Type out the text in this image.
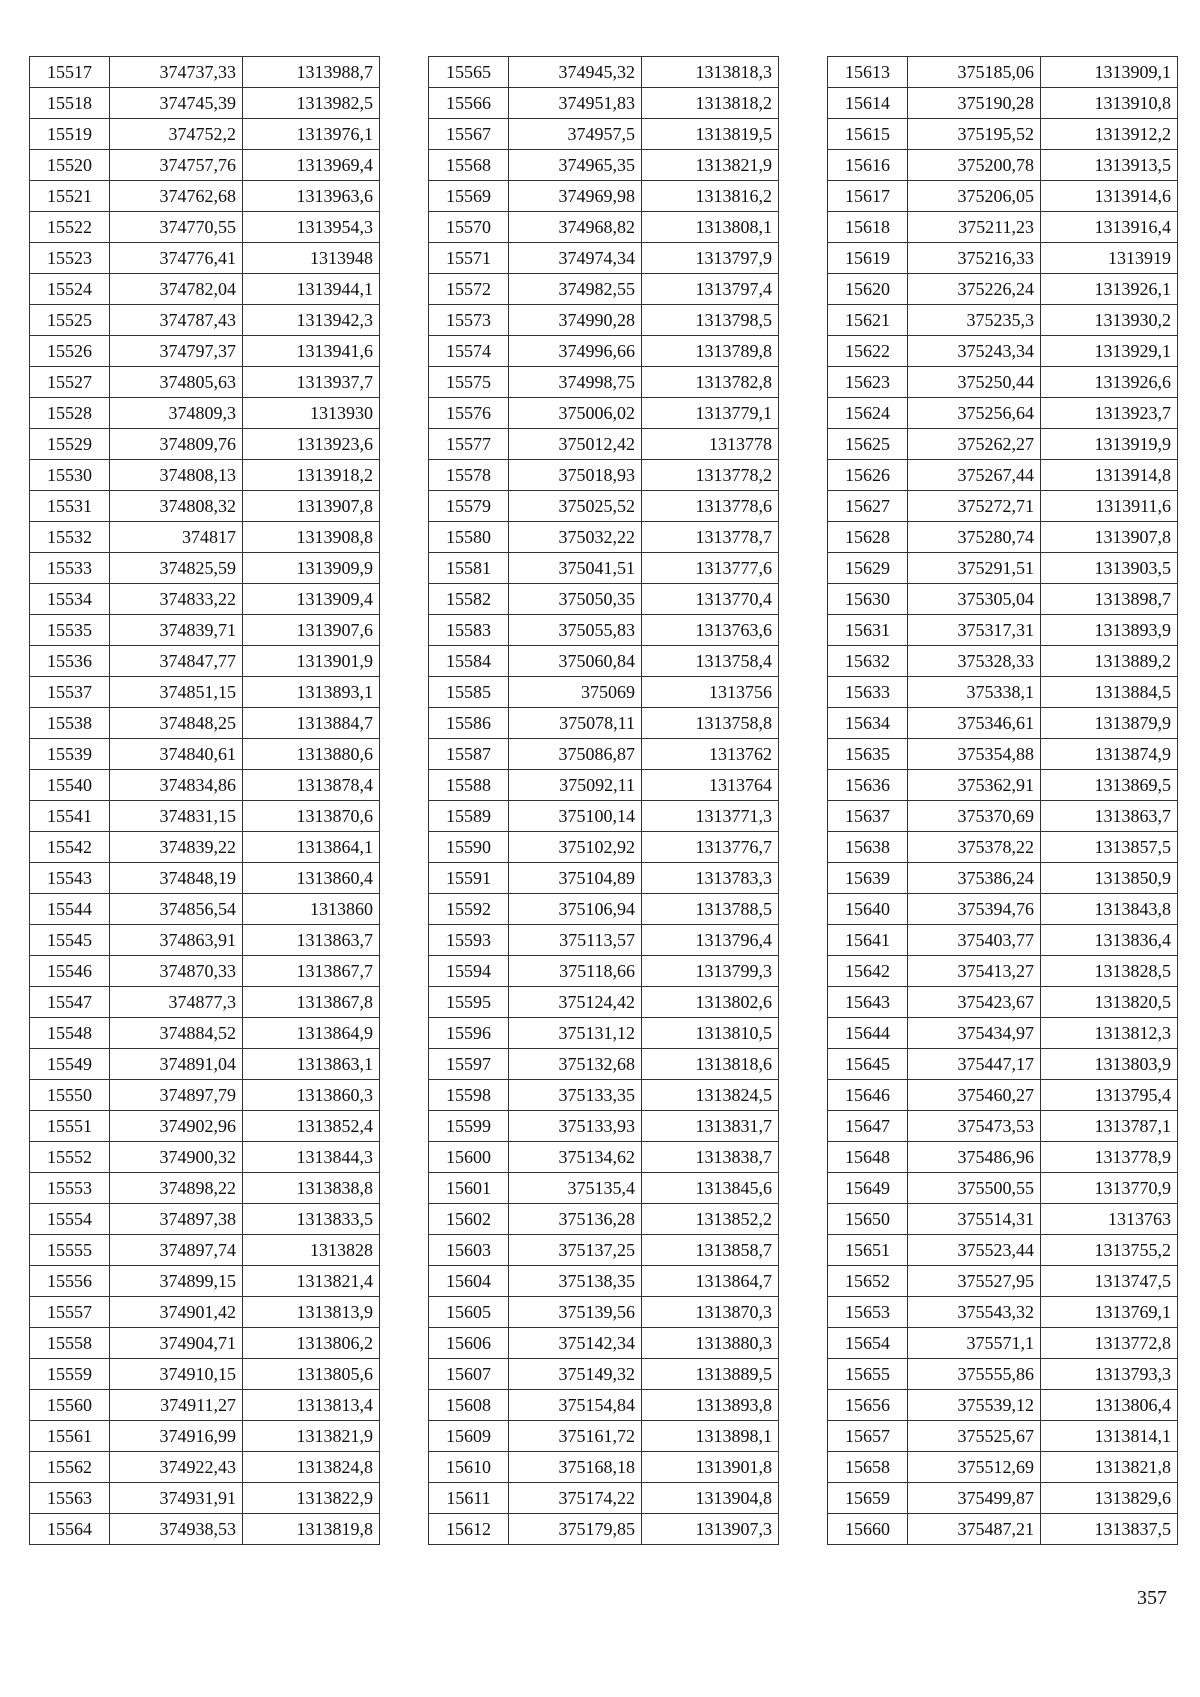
15517	374737,33	1313988,7
15518	374745,39	1313982,5
15519	374752,2	1313976,1
15520	374757,76	1313969,4
15521	374762,68	1313963,6
15522	374770,55	1313954,3
15523	374776,41	1313948
15524	374782,04	1313944,1
15525	374787,43	1313942,3
15526	374797,37	1313941,6
15527	374805,63	1313937,7
15528	374809,3	1313930
15529	374809,76	1313923,6
15530	374808,13	1313918,2
15531	374808,32	1313907,8
15532	374817	1313908,8
15533	374825,59	1313909,9
15534	374833,22	1313909,4
15535	374839,71	1313907,6
15536	374847,77	1313901,9
15537	374851,15	1313893,1
15538	374848,25	1313884,7
15539	374840,61	1313880,6
15540	374834,86	1313878,4
15541	374831,15	1313870,6
15542	374839,22	1313864,1
15543	374848,19	1313860,4
15544	374856,54	1313860
15545	374863,91	1313863,7
15546	374870,33	1313867,7
15547	374877,3	1313867,8
15548	374884,52	1313864,9
15549	374891,04	1313863,1
15550	374897,79	1313860,3
15551	374902,96	1313852,4
15552	374900,32	1313844,3
15553	374898,22	1313838,8
15554	374897,38	1313833,5
15555	374897,74	1313828
15556	374899,15	1313821,4
15557	374901,42	1313813,9
15558	374904,71	1313806,2
15559	374910,15	1313805,6
15560	374911,27	1313813,4
15561	374916,99	1313821,9
15562	374922,43	1313824,8
15563	374931,91	1313822,9
15564	374938,53	1313819,8
15565	374945,32	1313818,3
15566	374951,83	1313818,2
15567	374957,5	1313819,5
15568	374965,35	1313821,9
15569	374969,98	1313816,2
15570	374968,82	1313808,1
15571	374974,34	1313797,9
15572	374982,55	1313797,4
15573	374990,28	1313798,5
15574	374996,66	1313789,8
15575	374998,75	1313782,8
15576	375006,02	1313779,1
15577	375012,42	1313778
15578	375018,93	1313778,2
15579	375025,52	1313778,6
15580	375032,22	1313778,7
15581	375041,51	1313777,6
15582	375050,35	1313770,4
15583	375055,83	1313763,6
15584	375060,84	1313758,4
15585	375069	1313756
15586	375078,11	1313758,8
15587	375086,87	1313762
15588	375092,11	1313764
15589	375100,14	1313771,3
15590	375102,92	1313776,7
15591	375104,89	1313783,3
15592	375106,94	1313788,5
15593	375113,57	1313796,4
15594	375118,66	1313799,3
15595	375124,42	1313802,6
15596	375131,12	1313810,5
15597	375132,68	1313818,6
15598	375133,35	1313824,5
15599	375133,93	1313831,7
15600	375134,62	1313838,7
15601	375135,4	1313845,6
15602	375136,28	1313852,2
15603	375137,25	1313858,7
15604	375138,35	1313864,7
15605	375139,56	1313870,3
15606	375142,34	1313880,3
15607	375149,32	1313889,5
15608	375154,84	1313893,8
15609	375161,72	1313898,1
15610	375168,18	1313901,8
15611	375174,22	1313904,8
15612	375179,85	1313907,3
15613	375185,06	1313909,1
15614	375190,28	1313910,8
15615	375195,52	1313912,2
15616	375200,78	1313913,5
15617	375206,05	1313914,6
15618	375211,23	1313916,4
15619	375216,33	1313919
15620	375226,24	1313926,1
15621	375235,3	1313930,2
15622	375243,34	1313929,1
15623	375250,44	1313926,6
15624	375256,64	1313923,7
15625	375262,27	1313919,9
15626	375267,44	1313914,8
15627	375272,71	1313911,6
15628	375280,74	1313907,8
15629	375291,51	1313903,5
15630	375305,04	1313898,7
15631	375317,31	1313893,9
15632	375328,33	1313889,2
15633	375338,1	1313884,5
15634	375346,61	1313879,9
15635	375354,88	1313874,9
15636	375362,91	1313869,5
15637	375370,69	1313863,7
15638	375378,22	1313857,5
15639	375386,24	1313850,9
15640	375394,76	1313843,8
15641	375403,77	1313836,4
15642	375413,27	1313828,5
15643	375423,67	1313820,5
15644	375434,97	1313812,3
15645	375447,17	1313803,9
15646	375460,27	1313795,4
15647	375473,53	1313787,1
15648	375486,96	1313778,9
15649	375500,55	1313770,9
15650	375514,31	1313763
15651	375523,44	1313755,2
15652	375527,95	1313747,5
15653	375543,32	1313769,1
15654	375571,1	1313772,8
15655	375555,86	1313793,3
15656	375539,12	1313806,4
15657	375525,67	1313814,1
15658	375512,69	1313821,8
15659	375499,87	1313829,6
15660	375487,21	1313837,5
357
